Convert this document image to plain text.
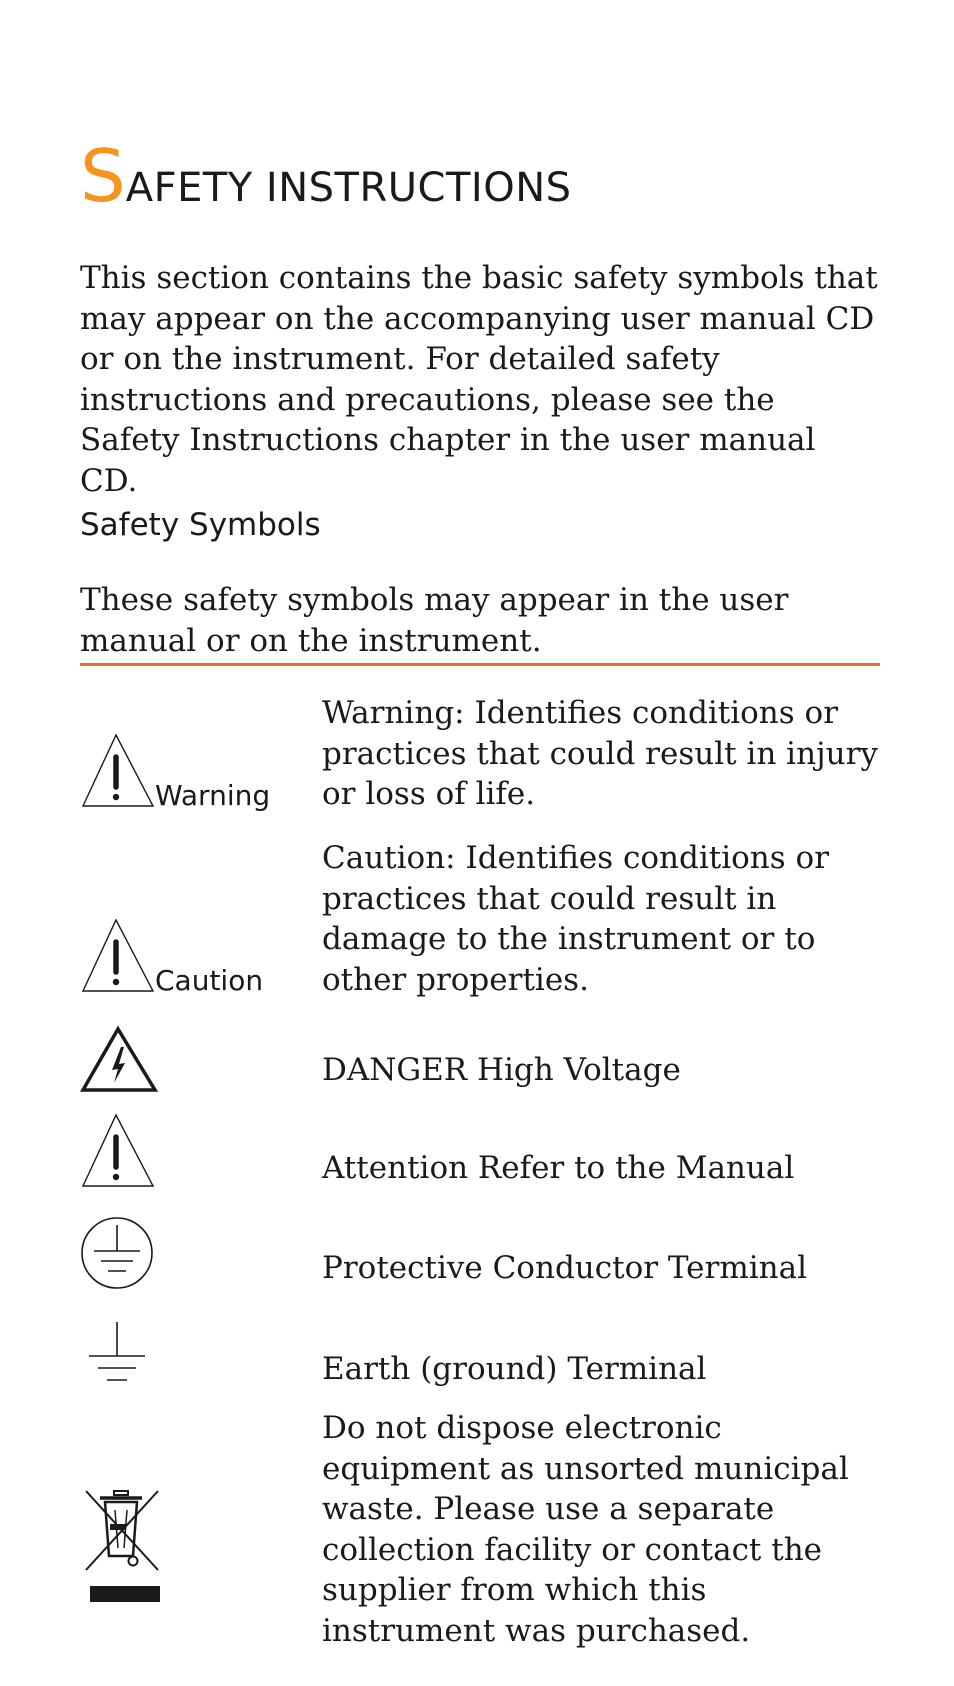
SAFETY INSTRUCTIONS

This section contains the basic safety symbols that may appear on the accompanying user manual CD or on the instrument. For detailed safety instructions and precautions, please see the Safety Instructions chapter in the user manual CD.

Safety Symbols

These safety symbols may appear in the user manual or on the instrument.

Warning

Warning: Identifies conditions or practices that could result in injury or loss of life.

Caution

Caution: Identifies conditions or practices that could result in damage to the instrument or to other properties.

DANGER High Voltage

Attention Refer to the Manual

Protective Conductor Terminal

Earth (ground) Terminal

Do not dispose electronic equipment as unsorted municipal waste. Please use a separate collection facility or contact the supplier from which this instrument was purchased.
